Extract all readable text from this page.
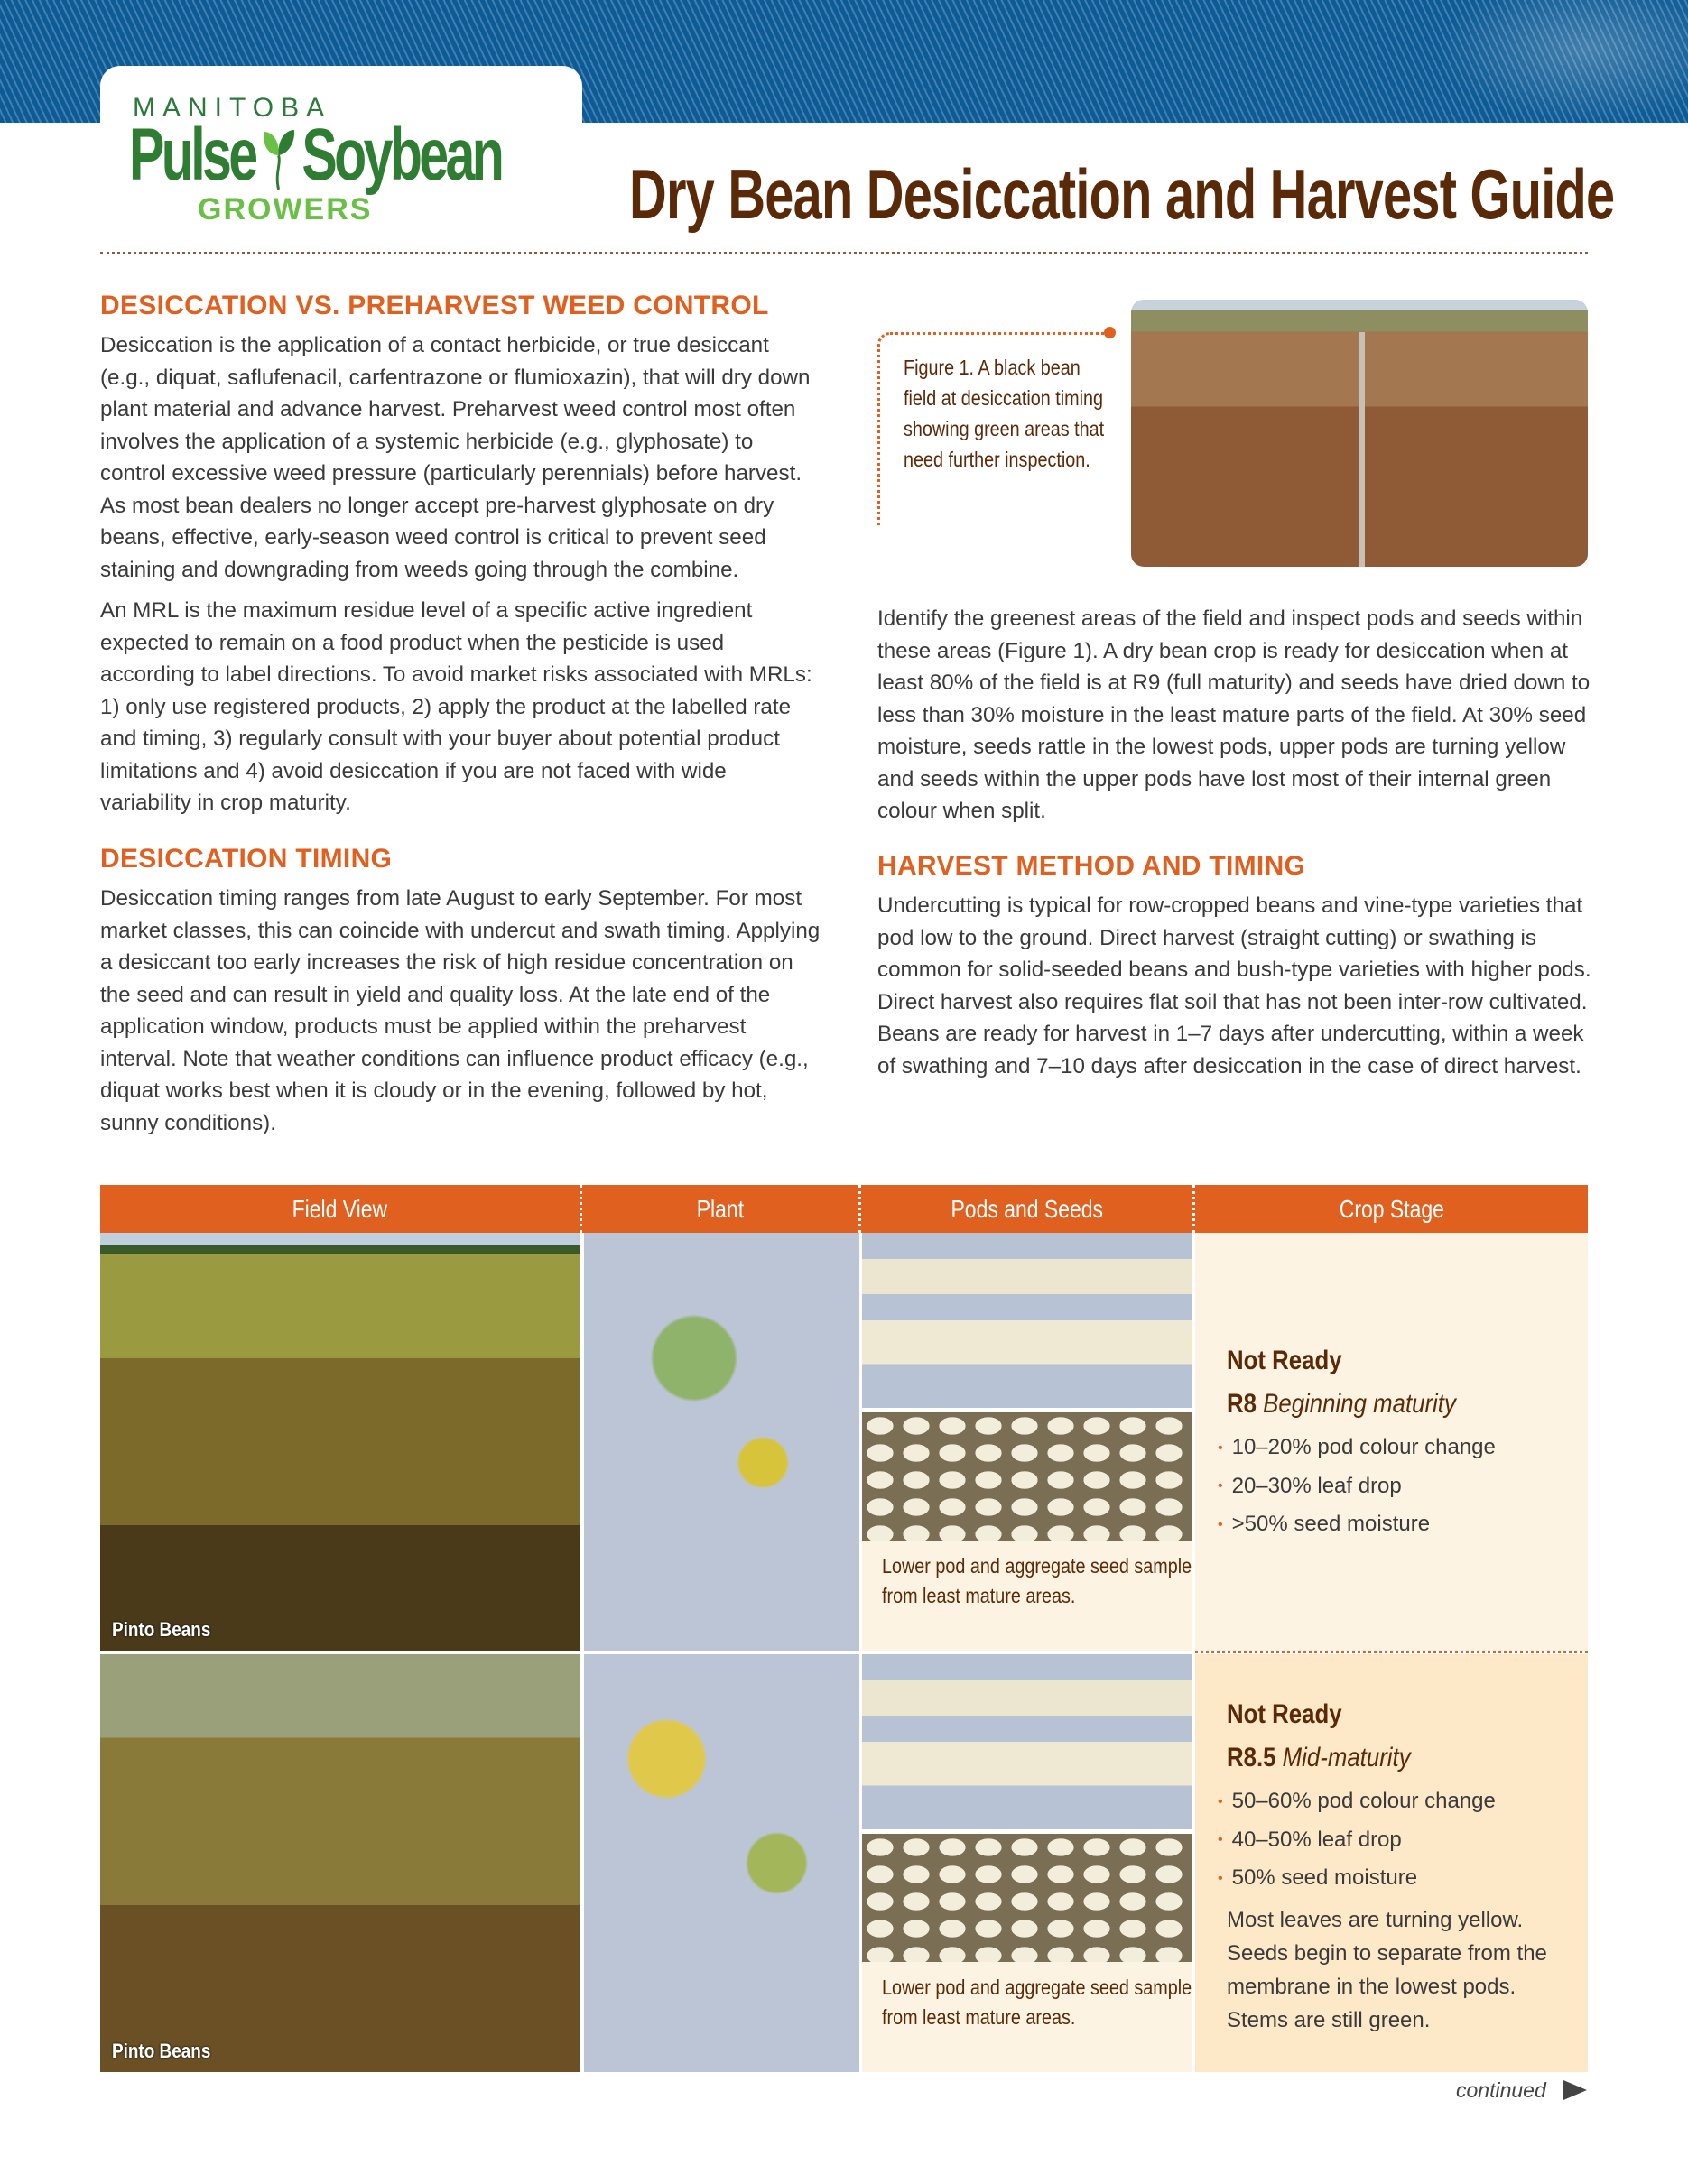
MANITOBA
Pulse Soybean
GROWERS	Dry Bean Desiccation and Harvest Guide
DESICCATION VS. PREHARVEST WEED CONTROL
Desiccation is the application of a contact herbicide, or true desiccant (e.g., diquat, saflufenacil, carfentrazone or flumioxazin), that will dry down plant material and advance harvest. Preharvest weed control most often involves the application of a systemic herbicide (e.g., glyphosate) to control excessive weed pressure (particularly perennials) before harvest. As most bean dealers no longer accept pre-harvest glyphosate on dry beans, effective, early-season weed control is critical to prevent seed staining and downgrading from weeds going through the combine.
An MRL is the maximum residue level of a specific active ingredient expected to remain on a food product when the pesticide is used according to label directions. To avoid market risks associated with MRLs: 1) only use registered products, 2) apply the product at the labelled rate and timing, 3) regularly consult with your buyer about potential product limitations and 4) avoid desiccation if you are not faced with wide variability in crop maturity.
DESICCATION TIMING
Desiccation timing ranges from late August to early September. For most market classes, this can coincide with undercut and swath timing. Applying a desiccant too early increases the risk of high residue concentration on the seed and can result in yield and quality loss. At the late end of the application window, products must be applied within the preharvest interval. Note that weather conditions can influence product efficacy (e.g., diquat works best when it is cloudy or in the evening, followed by hot, sunny conditions).
Figure 1. A black bean field at desiccation timing showing green areas that need further inspection.
Identify the greenest areas of the field and inspect pods and seeds within these areas (Figure 1). A dry bean crop is ready for desiccation when at least 80% of the field is at R9 (full maturity) and seeds have dried down to less than 30% moisture in the least mature parts of the field. At 30% seed moisture, seeds rattle in the lowest pods, upper pods are turning yellow and seeds within the upper pods have lost most of their internal green colour when split.
HARVEST METHOD AND TIMING
Undercutting is typical for row-cropped beans and vine-type varieties that pod low to the ground. Direct harvest (straight cutting) or swathing is common for solid-seeded beans and bush-type varieties with higher pods. Direct harvest also requires flat soil that has not been inter-row cultivated. Beans are ready for harvest in 1–7 days after undercutting, within a week of swathing and 7–10 days after desiccation in the case of direct harvest.
Field View	Plant	Pods and Seeds	Crop Stage
Pinto Beans
Lower pod and aggregate seed sample from least mature areas.
Not Ready
R8 Beginning maturity
• 10–20% pod colour change
• 20–30% leaf drop
• >50% seed moisture
Pinto Beans
Lower pod and aggregate seed sample from least mature areas.
Not Ready
R8.5 Mid-maturity
• 50–60% pod colour change
• 40–50% leaf drop
• 50% seed moisture
Most leaves are turning yellow. Seeds begin to separate from the membrane in the lowest pods. Stems are still green.
continued
